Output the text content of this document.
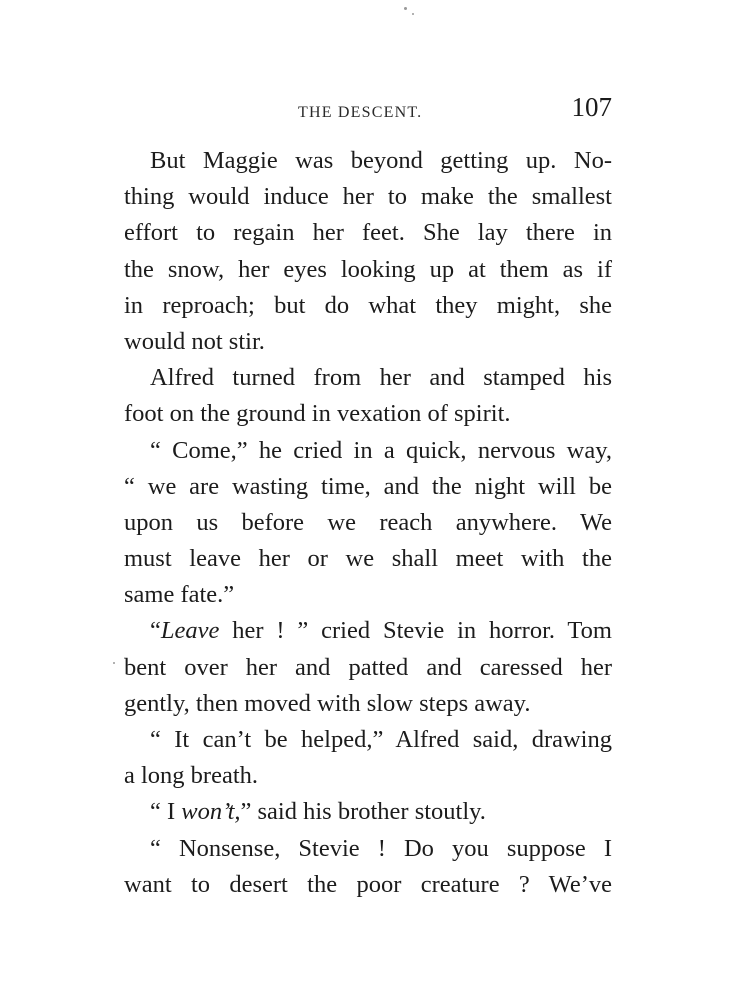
THE DESCENT.	107
But Maggie was beyond getting up. No-
thing would induce her to make the smallest
effort to regain her feet. She lay there in
the snow, her eyes looking up at them as if
in reproach; but do what they might, she
would not stir.
Alfred turned from her and stamped his
foot on the ground in vexation of spirit.
“ Come,” he cried in a quick, nervous way,
“ we are wasting time, and the night will be
upon us before we reach anywhere. We
must leave her or we shall meet with the
same fate.”
“Leave her ! ” cried Stevie in horror. Tom
bent over her and patted and caressed her
gently, then moved with slow steps away.
“ It can’t be helped,” Alfred said, drawing
a long breath.
“ I won’t,” said his brother stoutly.
“ Nonsense, Stevie ! Do you suppose I
want to desert the poor creature ? We’ve
